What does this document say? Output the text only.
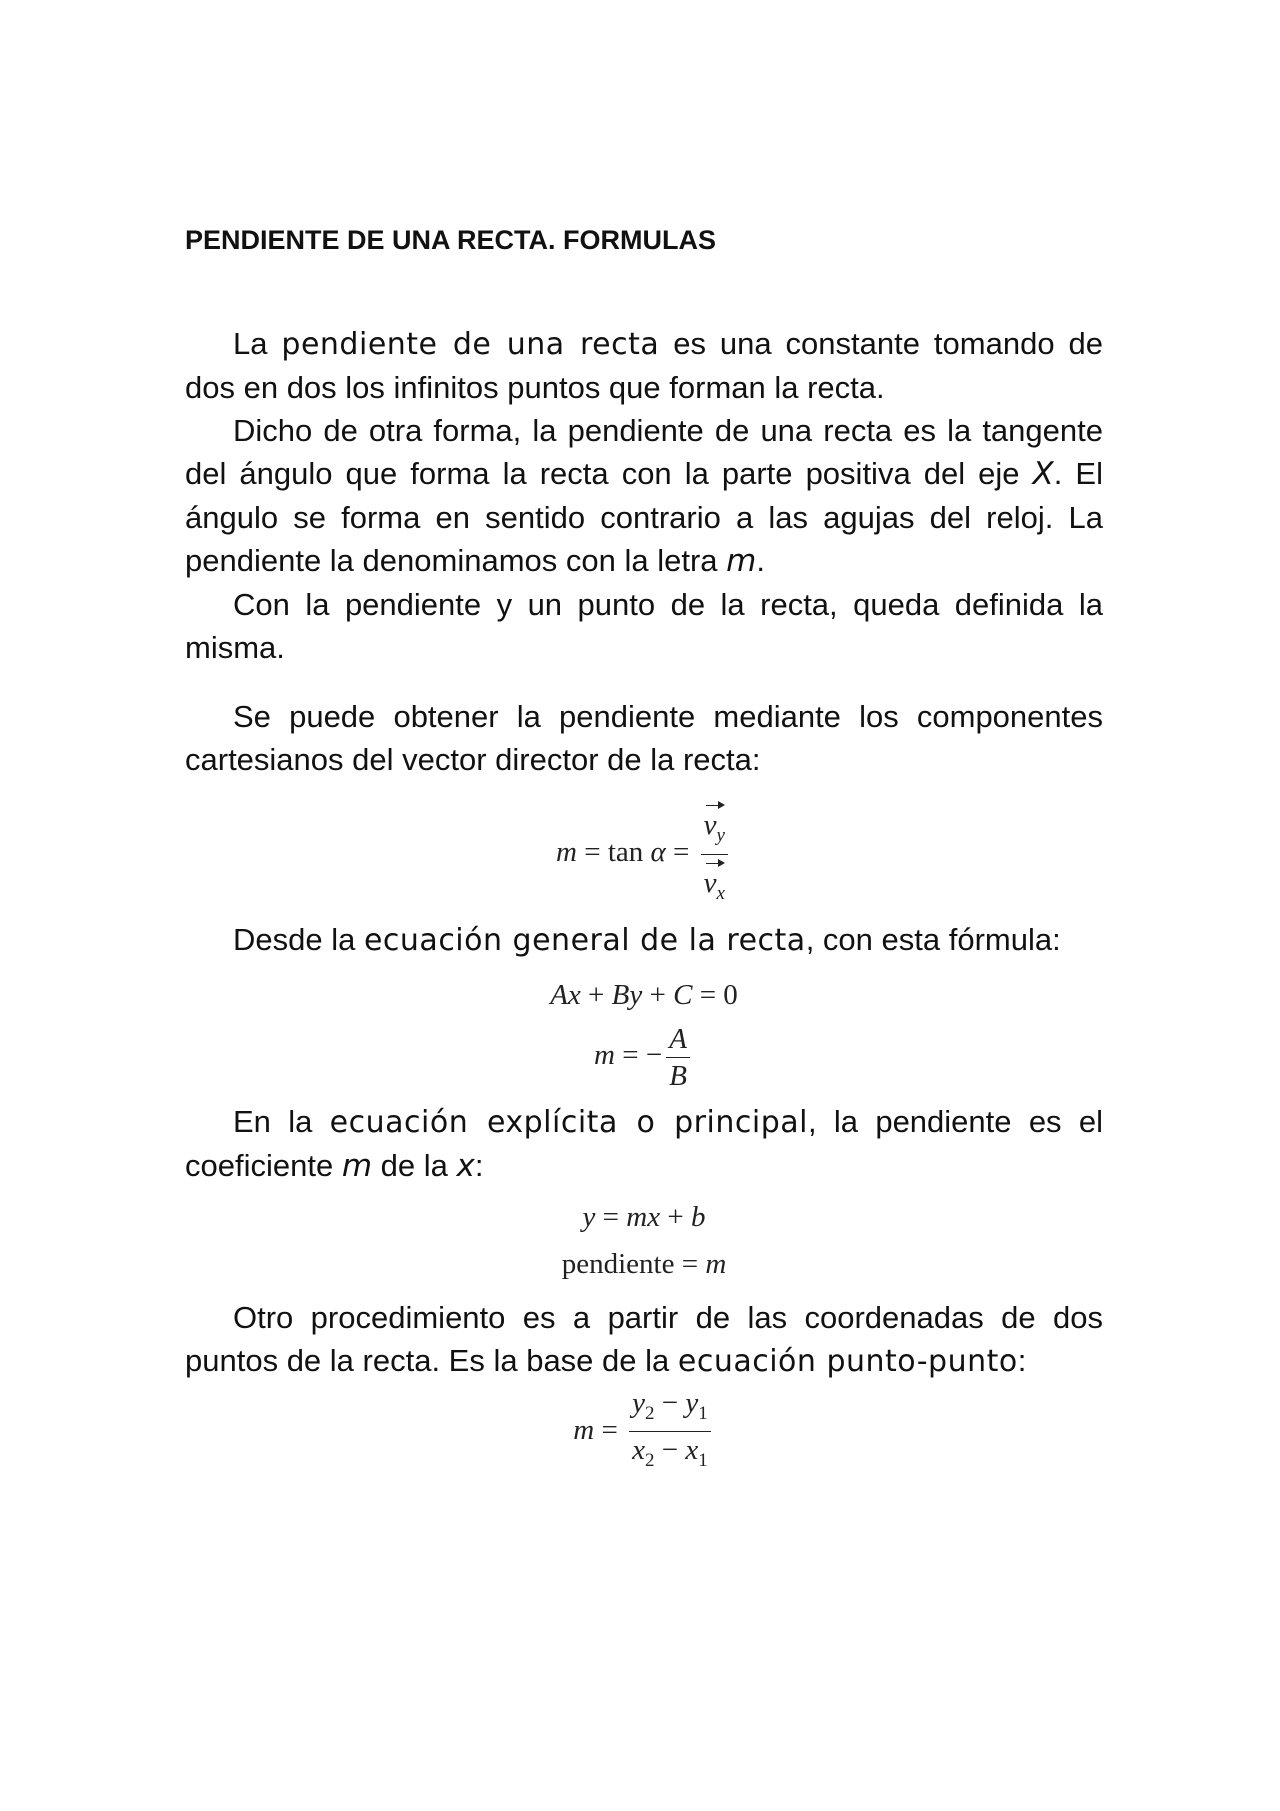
PENDIENTE DE UNA RECTA. FORMULAS

La pendiente de una recta es una constante tomando de dos en dos los infinitos puntos que forman la recta.

Dicho de otra forma, la pendiente de una recta es la tangente del ángulo que forma la recta con la parte positiva del eje X. El ángulo se forma en sentido contrario a las agujas del reloj. La pendiente la denominamos con la letra m.

Con la pendiente y un punto de la recta, queda definida la misma.

Se puede obtener la pendiente mediante los componentes cartesianos del vector director de la recta:

$m = \tan \alpha = \frac{v_y}{v_x}$

Desde la ecuación general de la recta, con esta fórmula:

Ax + By + C = 0
m = − $\frac{A}{B}$

En la ecuación explícita o principal, la pendiente es el coeficiente m de la x:

y = mx + b
pendiente = m

Otro procedimiento es a partir de las coordenadas de dos puntos de la recta. Es la base de la ecuación punto-punto:

$m = \frac{y_2 - y_1}{x_2 - x_1}$
